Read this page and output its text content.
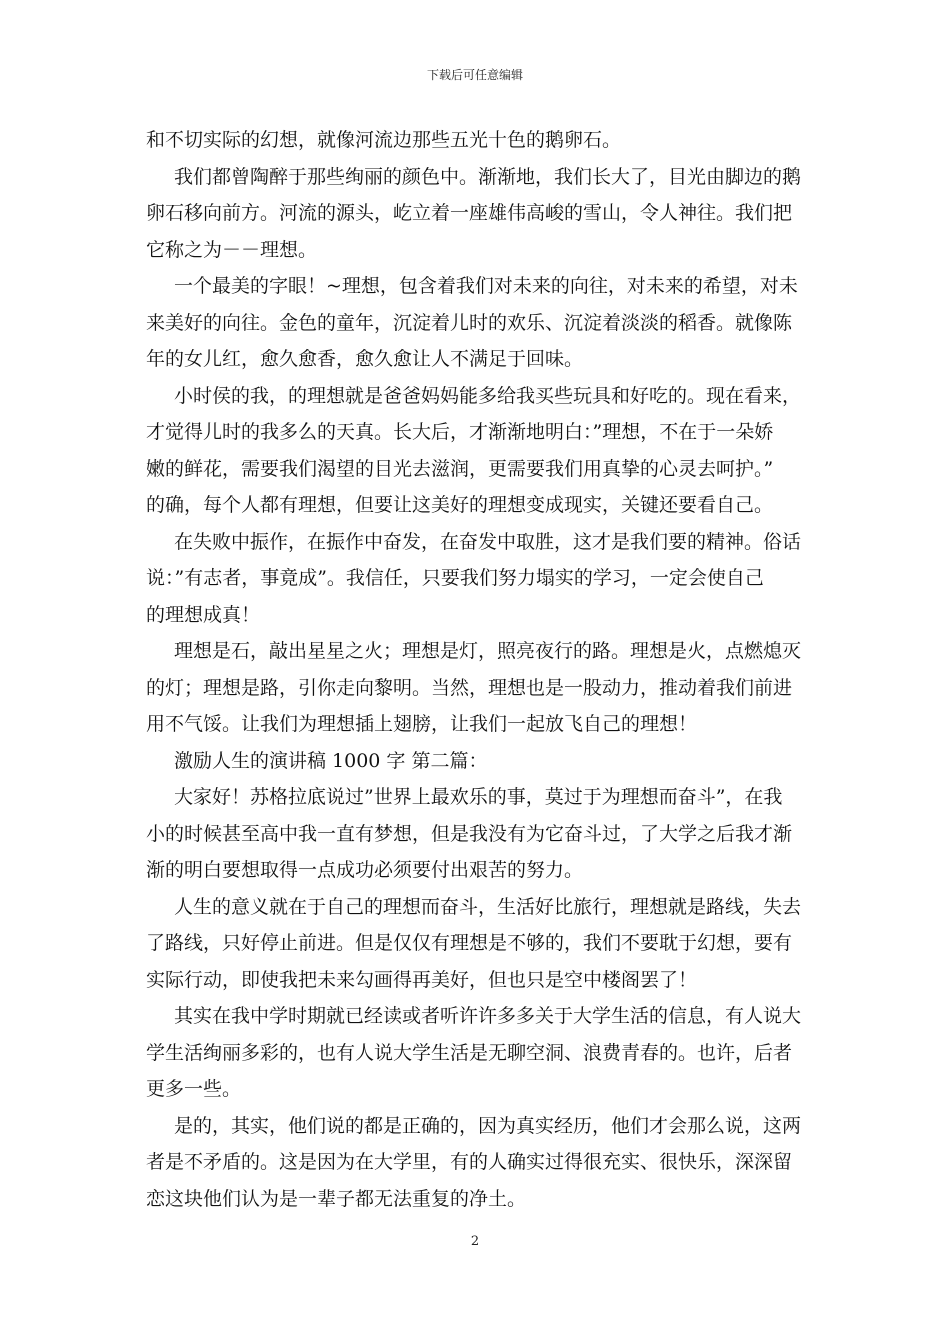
下载后可任意编辑
和不切实际的幻想，就像河流边那些五光十色的鹅卵石。
我们都曾陶醉于那些绚丽的颜色中。渐渐地，我们长大了，目光由脚边的鹅
卵石移向前方。河流的源头，屹立着一座雄伟高峻的雪山，令人神往。我们把
它称之为－－理想。
一个最美的字眼！~理想，包含着我们对未来的向往，对未来的希望，对未
来美好的向往。金色的童年，沉淀着儿时的欢乐、沉淀着淡淡的稻香。就像陈
年的女儿红，愈久愈香，愈久愈让人不满足于回味。
小时侯的我，的理想就是爸爸妈妈能多给我买些玩具和好吃的。现在看来，
才觉得儿时的我多么的天真。长大后，才渐渐地明白：”理想，不在于一朵娇
嫩的鲜花，需要我们渴望的目光去滋润，更需要我们用真挚的心灵去呵护。”
的确，每个人都有理想，但要让这美好的理想变成现实，关键还要看自己。
在失败中振作，在振作中奋发，在奋发中取胜，这才是我们要的精神。俗话
说：”有志者，事竟成”。我信任，只要我们努力塌实的学习，一定会使自己
的理想成真！
理想是石，敲出星星之火；理想是灯，照亮夜行的路。理想是火，点燃熄灭
的灯；理想是路，引你走向黎明。当然，理想也是一股动力，推动着我们前进
用不气馁。让我们为理想插上翅膀，让我们一起放飞自己的理想！
激励人生的演讲稿 1000 字 第二篇：
大家好！苏格拉底说过”世界上最欢乐的事，莫过于为理想而奋斗”，在我
小的时候甚至高中我一直有梦想，但是我没有为它奋斗过，了大学之后我才渐
渐的明白要想取得一点成功必须要付出艰苦的努力。
人生的意义就在于自己的理想而奋斗，生活好比旅行，理想就是路线，失去
了路线，只好停止前进。但是仅仅有理想是不够的，我们不要耽于幻想，要有
实际行动，即使我把未来勾画得再美好，但也只是空中楼阁罢了！
其实在我中学时期就已经读或者听许许多多关于大学生活的信息，有人说大
学生活绚丽多彩的，也有人说大学生活是无聊空洞、浪费青春的。也许，后者
更多一些。
是的，其实，他们说的都是正确的，因为真实经历，他们才会那么说，这两
者是不矛盾的。这是因为在大学里，有的人确实过得很充实、很快乐，深深留
恋这块他们认为是一辈子都无法重复的净土。
2
